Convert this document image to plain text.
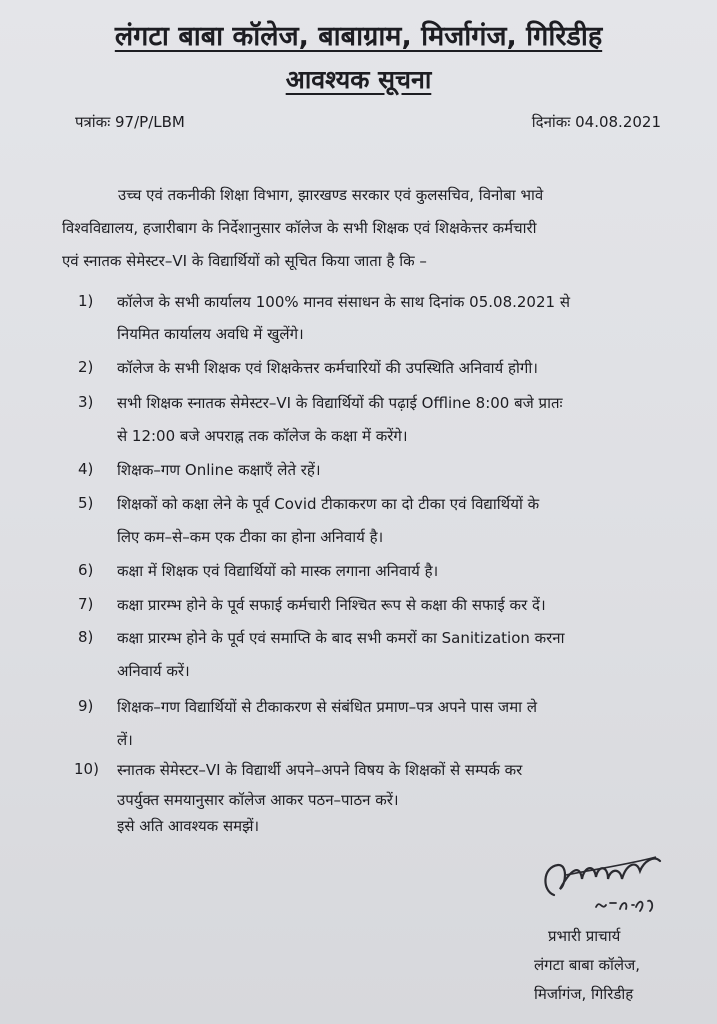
लंगटा बाबा कॉलेज, बाबाग्राम, मिर्जागंज, गिरिडीह
आवश्यक सूचना
पत्रांकः 97/P/LBM	दिनांकः 04.08.2021
उच्च एवं तकनीकी शिक्षा विभाग, झारखण्ड सरकार एवं कुलसचिव, विनोबा भावे
विश्वविद्यालय, हजारीबाग के निर्देशानुसार कॉलेज के सभी शिक्षक एवं शिक्षकेत्तर कर्मचारी
एवं स्नातक सेमेस्टर–VI के विद्यार्थियों को सूचित किया जाता है कि –
1) कॉलेज के सभी कार्यालय 100% मानव संसाधन के साथ दिनांक 05.08.2021 से
नियमित कार्यालय अवधि में खुलेंगे।
2) कॉलेज के सभी शिक्षक एवं शिक्षकेत्तर कर्मचारियों की उपस्थिति अनिवार्य होगी।
3) सभी शिक्षक स्नातक सेमेस्टर–VI के विद्यार्थियों की पढ़ाई Offline 8:00 बजे प्रातः
से 12:00 बजे अपराह्न तक कॉलेज के कक्षा में करेंगे।
4) शिक्षक–गण Online कक्षाएँ लेते रहें।
5) शिक्षकों को कक्षा लेने के पूर्व Covid टीकाकरण का दो टीका एवं विद्यार्थियों के
लिए कम–से–कम एक टीका का होना अनिवार्य है।
6) कक्षा में शिक्षक एवं विद्यार्थियों को मास्क लगाना अनिवार्य है।
7) कक्षा प्रारम्भ होने के पूर्व सफाई कर्मचारी निश्चित रूप से कक्षा की सफाई कर दें।
8) कक्षा प्रारम्भ होने के पूर्व एवं समाप्ति के बाद सभी कमरों का Sanitization करना
अनिवार्य करें।
9) शिक्षक–गण विद्यार्थियों से टीकाकरण से संबंधित प्रमाण–पत्र अपने पास जमा ले
लें।
10) स्नातक सेमेस्टर–VI के विद्यार्थी अपने–अपने विषय के शिक्षकों से सम्पर्क कर
उपर्युक्त समयानुसार कॉलेज आकर पठन–पाठन करें।
इसे अति आवश्यक समझें।
प्रभारी प्राचार्य
लंगटा बाबा कॉलेज,
मिर्जागंज, गिरिडीह
